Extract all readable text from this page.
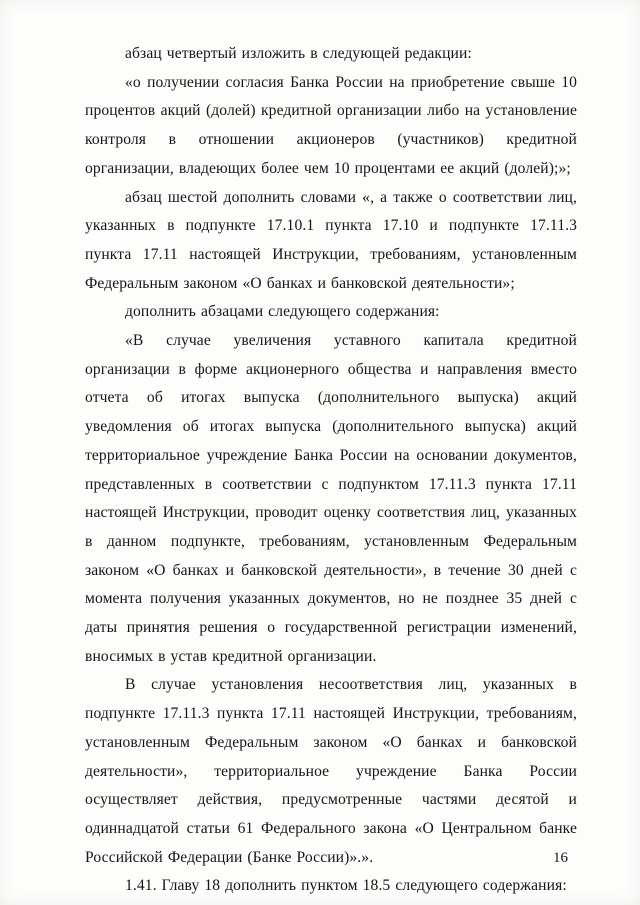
абзац четвертый изложить в следующей редакции:

«о получении согласия Банка России на приобретение свыше 10 процентов акций (долей) кредитной организации либо на установление контроля в отношении акционеров (участников) кредитной организации, владеющих более чем 10 процентами ее акций (долей);»;

абзац шестой дополнить словами «, а также о соответствии лиц, указанных в подпункте 17.10.1 пункта 17.10 и подпункте 17.11.3 пункта 17.11 настоящей Инструкции, требованиям, установленным Федеральным законом «О банках и банковской деятельности»;

дополнить абзацами следующего содержания:

«В случае увеличения уставного капитала кредитной организации в форме акционерного общества и направления вместо отчета об итогах выпуска (дополнительного выпуска) акций уведомления об итогах выпуска (дополнительного выпуска) акций территориальное учреждение Банка России на основании документов, представленных в соответствии с подпунктом 17.11.3 пункта 17.11 настоящей Инструкции, проводит оценку соответствия лиц, указанных в данном подпункте, требованиям, установленным Федеральным законом «О банках и банковской деятельности», в течение 30 дней с момента получения указанных документов, но не позднее 35 дней с даты принятия решения о государственной регистрации изменений, вносимых в устав кредитной организации.

В случае установления несоответствия лиц, указанных в подпункте 17.11.3 пункта 17.11 настоящей Инструкции, требованиям, установленным Федеральным законом «О банках и банковской деятельности», территориальное учреждение Банка России осуществляет действия, предусмотренные частями десятой и одиннадцатой статьи 61 Федерального закона «О Центральном банке Российской Федерации (Банке России)».».

1.41. Главу 18 дополнить пунктом 18.5 следующего содержания:

16
